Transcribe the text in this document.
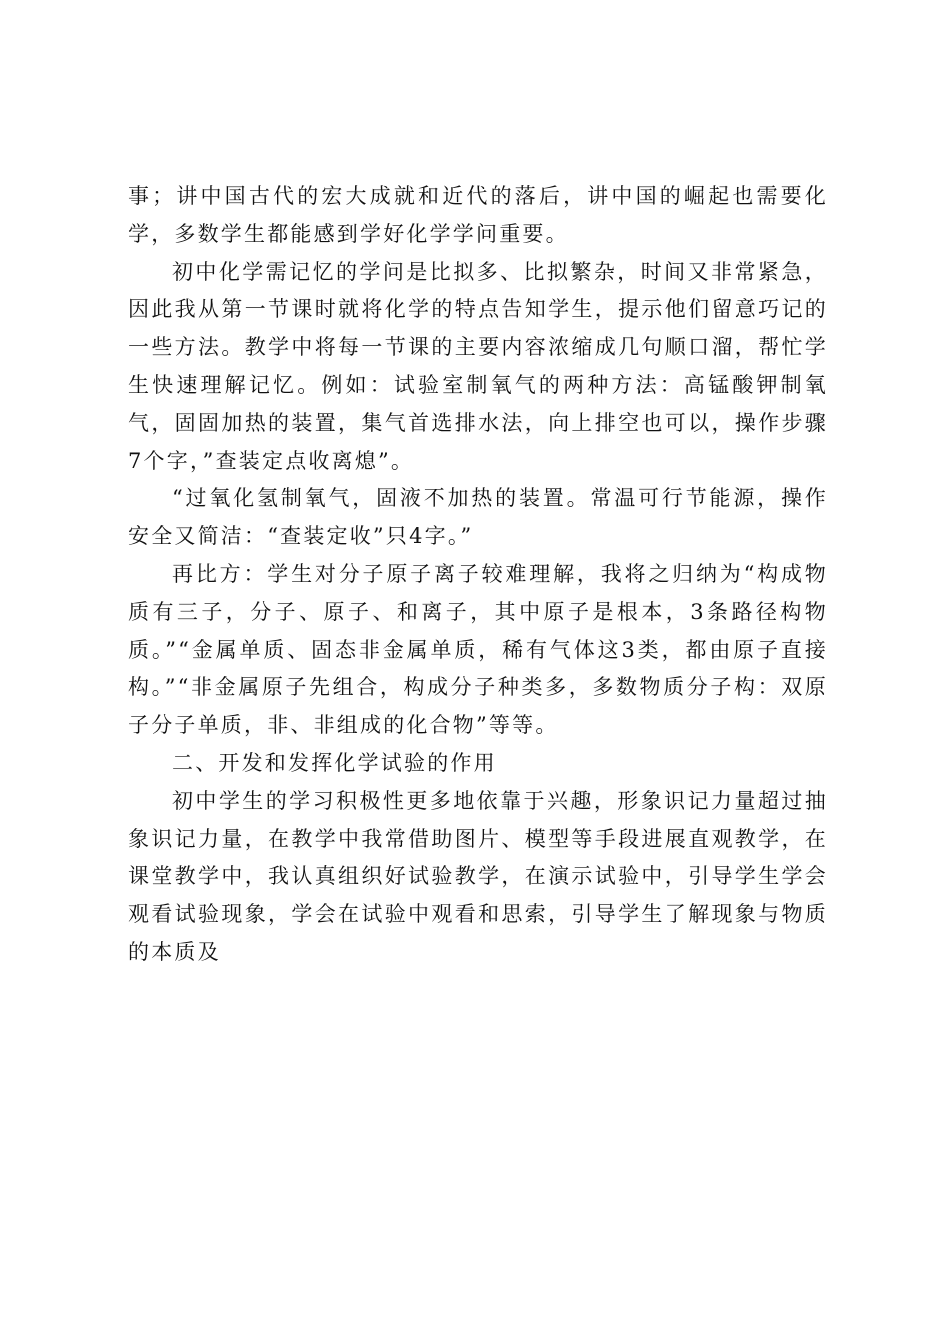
事；讲中国古代的宏大成就和近代的落后，讲中国的崛起也需要化学，多数学生都能感到学好化学学问重要。

初中化学需记忆的学问是比拟多、比拟繁杂，时间又非常紧急，因此我从第一节课时就将化学的特点告知学生，提示他们留意巧记的一些方法。教学中将每一节课的主要内容浓缩成几句顺口溜，帮忙学生快速理解记忆。例如：试验室制氧气的两种方法：高锰酸钾制氧气，固固加热的装置，集气首选排水法，向上排空也可以，操作步骤7个字，”查装定点收离熄”。

“过氧化氢制氧气，固液不加热的装置。常温可行节能源，操作安全又简洁：“查装定收”只4字。”

再比方：学生对分子原子离子较难理解，我将之归纳为“构成物质有三子，分子、原子、和离子，其中原子是根本，3条路径构物质。”“金属单质、固态非金属单质，稀有气体这3类，都由原子直接构。”“非金属原子先组合，构成分子种类多，多数物质分子构：双原子分子单质，非、非组成的化合物”等等。

二、开发和发挥化学试验的作用

初中学生的学习积极性更多地依靠于兴趣，形象识记力量超过抽象识记力量，在教学中我常借助图片、模型等手段进展直观教学，在课堂教学中，我认真组织好试验教学，在演示试验中，引导学生学会观看试验现象，学会在试验中观看和思索，引导学生了解现象与物质的本质及
